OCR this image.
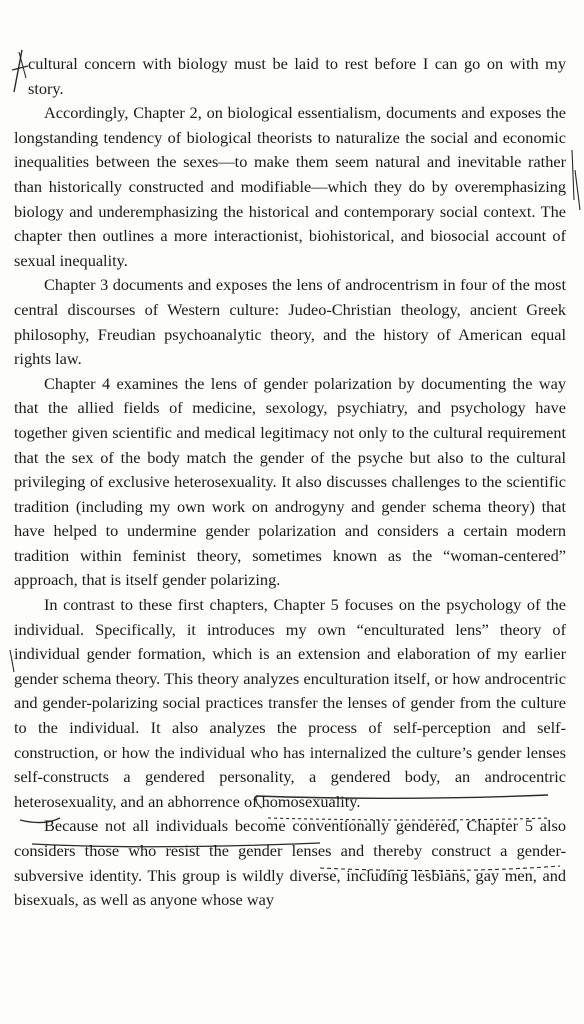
cultural concern with biology must be laid to rest before I can go on with my story.

Accordingly, Chapter 2, on biological essentialism, documents and exposes the longstanding tendency of biological theorists to naturalize the social and economic inequalities between the sexes—to make them seem natural and inevitable rather than historically constructed and modifiable—which they do by overemphasizing biology and underemphasizing the historical and contemporary social context. The chapter then outlines a more interactionist, biohistorical, and biosocial account of sexual inequality.

Chapter 3 documents and exposes the lens of androcentrism in four of the most central discourses of Western culture: Judeo-Christian theology, ancient Greek philosophy, Freudian psychoanalytic theory, and the history of American equal rights law.

Chapter 4 examines the lens of gender polarization by documenting the way that the allied fields of medicine, sexology, psychiatry, and psychology have together given scientific and medical legitimacy not only to the cultural requirement that the sex of the body match the gender of the psyche but also to the cultural privileging of exclusive heterosexuality. It also discusses challenges to the scientific tradition (including my own work on androgyny and gender schema theory) that have helped to undermine gender polarization and considers a certain modern tradition within feminist theory, sometimes known as the “woman-centered” approach, that is itself gender polarizing.

In contrast to these first chapters, Chapter 5 focuses on the psychology of the individual. Specifically, it introduces my own “enculturated lens” theory of individual gender formation, which is an extension and elaboration of my earlier gender schema theory. This theory analyzes enculturation itself, or how androcentric and gender-polarizing social practices transfer the lenses of gender from the culture to the individual. It also analyzes the process of self-perception and self-construction, or how the individual who has internalized the culture’s gender lenses self-constructs a gendered personality, a gendered body, an androcentric heterosexuality, and an abhorrence of homosexuality.

Because not all individuals become conventionally gendered, Chapter 5 also considers those who resist the gender lenses and thereby construct a gender-subversive identity. This group is wildly diverse, including lesbians, gay men, and bisexuals, as well as anyone whose way
